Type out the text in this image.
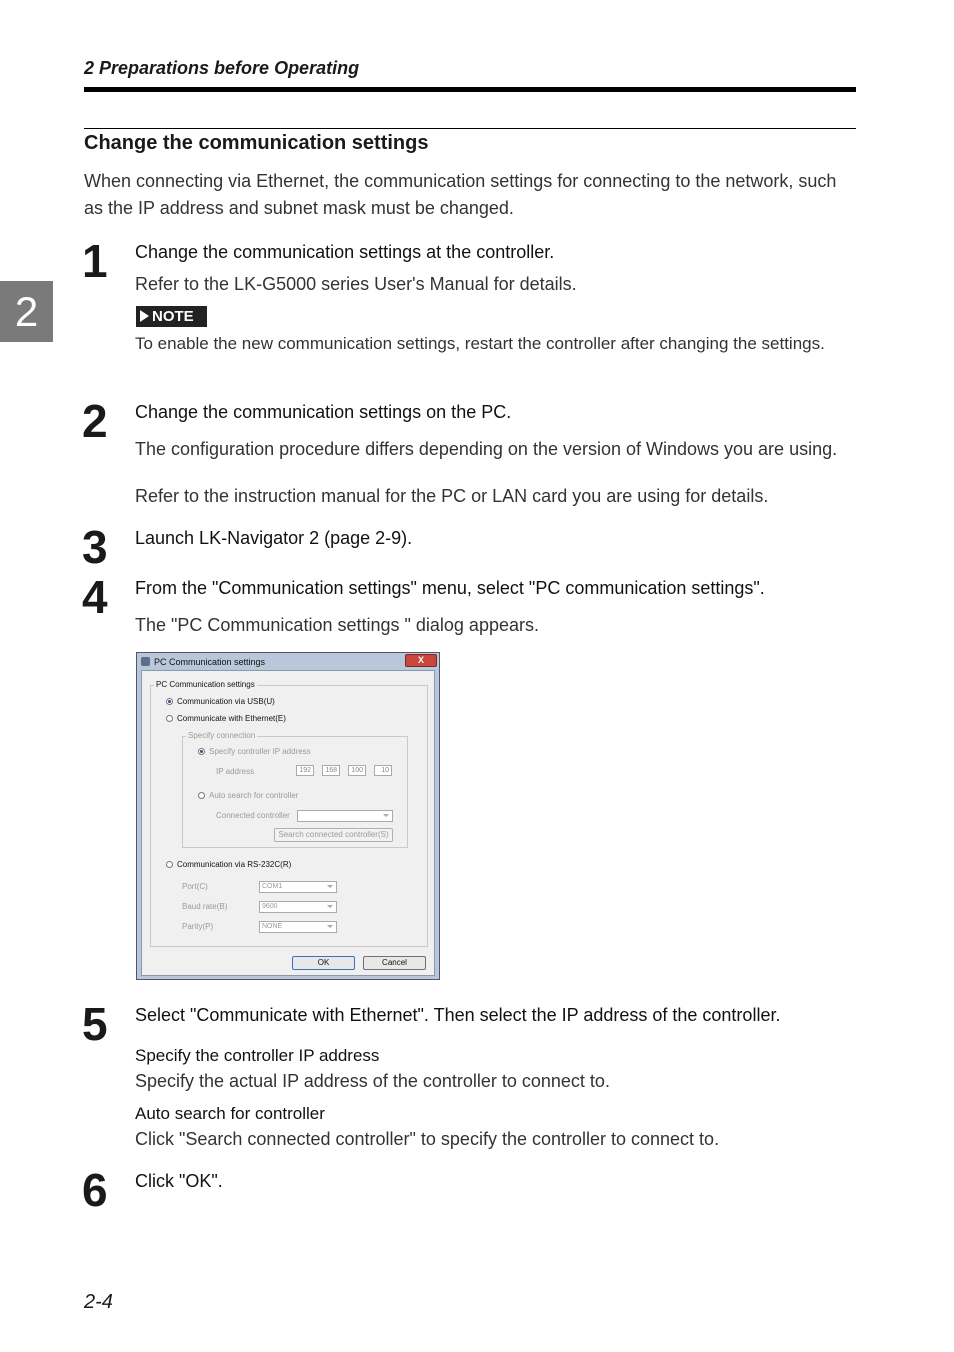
2 Preparations before Operating
2
Change the communication settings
When connecting via Ethernet, the communication settings for connecting to the network, such as the IP address and subnet mask must be changed.
1 Change the communication settings at the controller.
Refer to the LK-G5000 series User's Manual for details.
NOTE
To enable the new communication settings, restart the controller after changing the settings.
2 Change the communication settings on the PC.
The configuration procedure differs depending on the version of Windows you are using.
Refer to the instruction manual for the PC or LAN card you are using for details.
3 Launch LK-Navigator 2 (page 2-9).
4 From the "Communication settings" menu, select "PC communication settings".
The "PC Communication settings " dialog appears.
PC Communication settings	X
PC Communication settings
Communication via USB(U)
Communicate with Ethernet(E)
Specify connection
Specify controller IP address
IP address	192	168	100	10
Auto search for controller
Connected controller
Search connected controller(S)
Communication via RS-232C(R)
Port(C)	COM1
Baud rate(B)	9600
Parity(P)	NONE
OK	Cancel
5 Select "Communicate with Ethernet". Then select the IP address of the controller.
Specify the controller IP address
Specify the actual IP address of the controller to connect to.
Auto search for controller
Click "Search connected controller" to specify the controller to connect to.
6 Click "OK".
2-4
